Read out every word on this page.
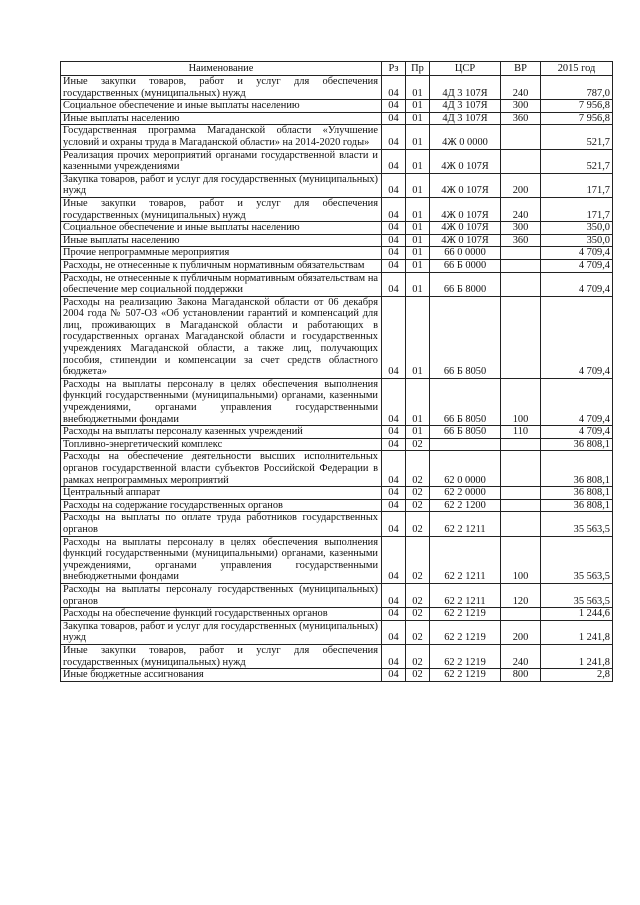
Наименование	Рз	Пр	ЦСР	ВР	2015 год
Иные закупки товаров, работ и услуг для обеспечения государственных (муниципальных) нужд	04	01	4Д 3 107Я	240	787,0
Социальное обеспечение и иные выплаты населению	04	01	4Д 3 107Я	300	7 956,8
Иные выплаты населению	04	01	4Д 3 107Я	360	7 956,8
Государственная программа Магаданской области «Улучшение условий и охраны труда в Магаданской области» на 2014-2020 годы»	04	01	4Ж 0 0000		521,7
Реализация прочих мероприятий органами государственной власти и казенными учреждениями	04	01	4Ж 0 107Я		521,7
Закупка товаров, работ и услуг для государственных (муниципальных) нужд	04	01	4Ж 0 107Я	200	171,7
Иные закупки товаров, работ и услуг для обеспечения государственных (муниципальных) нужд	04	01	4Ж 0 107Я	240	171,7
Социальное обеспечение и иные выплаты населению	04	01	4Ж 0 107Я	300	350,0
Иные выплаты населению	04	01	4Ж 0 107Я	360	350,0
Прочие непрограммные мероприятия	04	01	66 0 0000		4 709,4
Расходы, не отнесенные к публичным нормативным обязательствам	04	01	66 Б 0000		4 709,4
Расходы, не отнесенные к публичным нормативным обязательствам на обеспечение мер социальной поддержки	04	01	66 Б 8000		4 709,4
Расходы на реализацию Закона Магаданской области от 06 декабря 2004 года № 507-ОЗ «Об установлении гарантий и компенсаций для лиц, проживающих в Магаданской области и работающих в государственных органах Магаданской области и государственных учреждениях Магаданской области, а также лиц, получающих пособия, стипендии и компенсации за счет средств областного бюджета»	04	01	66 Б 8050		4 709,4
Расходы на выплаты персоналу в целях обеспечения выполнения функций государственными (муниципальными) органами, казенными учреждениями, органами управления государственными внебюджетными фондами	04	01	66 Б 8050	100	4 709,4
Расходы на выплаты персоналу казенных учреждений	04	01	66 Б 8050	110	4 709,4
Топливно-энергетический комплекс	04	02			36 808,1
Расходы на обеспечение деятельности высших исполнительных органов государственной власти субъектов Российской Федерации в рамках непрограммных мероприятий	04	02	62 0 0000		36 808,1
Центральный аппарат	04	02	62 2 0000		36 808,1
Расходы на содержание государственных органов	04	02	62 2 1200		36 808,1
Расходы на выплаты по оплате труда работников государственных органов	04	02	62 2 1211		35 563,5
Расходы на выплаты персоналу в целях обеспечения выполнения функций государственными (муниципальными) органами, казенными учреждениями, органами управления государственными внебюджетными фондами	04	02	62 2 1211	100	35 563,5
Расходы на выплаты персоналу государственных (муниципальных) органов	04	02	62 2 1211	120	35 563,5
Расходы на обеспечение функций государственных органов	04	02	62 2 1219		1 244,6
Закупка товаров, работ и услуг для государственных (муниципальных) нужд	04	02	62 2 1219	200	1 241,8
Иные закупки товаров, работ и услуг для обеспечения государственных (муниципальных) нужд	04	02	62 2 1219	240	1 241,8
Иные бюджетные ассигнования	04	02	62 2 1219	800	2,8
